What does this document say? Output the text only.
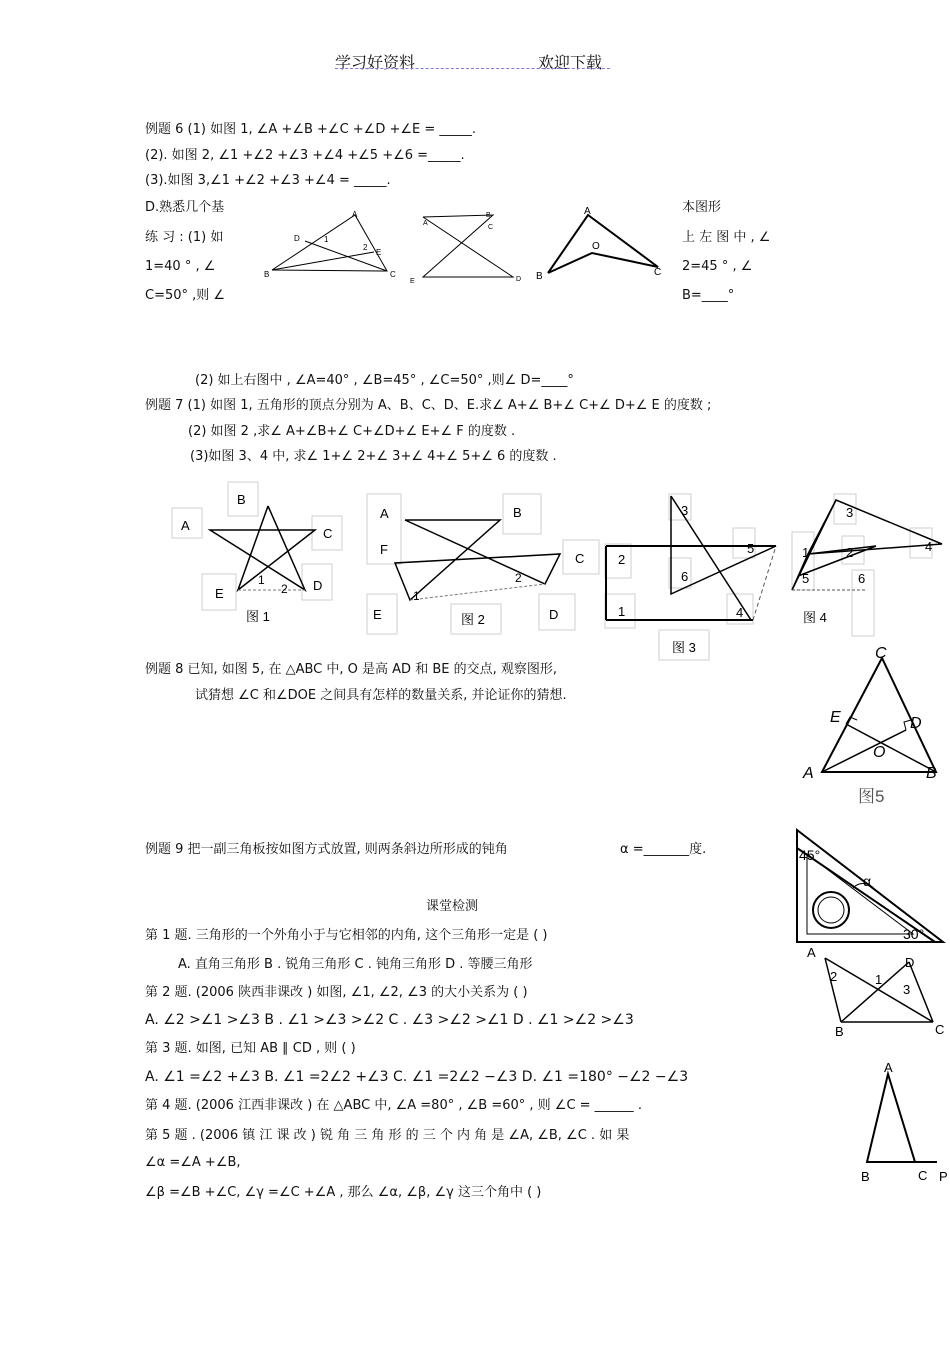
学习好资料	欢迎下载
例题 6 (1) 如图 1, ∠A +∠B +∠C +∠D +∠E = _____.
(2). 如图 2, ∠1 +∠2 +∠3 +∠4 +∠5 +∠6 =_____.
(3).如图 3,∠1 +∠2 +∠3 +∠4 = _____.
D.熟悉几个基	本图形
练 习 : (1) 如
1=40 ° , ∠
C=50° ,则 ∠
上 左 图 中 , ∠
2=45 ° , ∠
B=____°
A
B	C
D
E
1
2
A
B
D
E
C
A
O
B	C
(2) 如上右图中 , ∠A=40° , ∠B=45° , ∠C=50° ,则∠ D=____°
例题 7 (1) 如图 1, 五角形的顶点分别为 A、B、C、D、E.求∠ A+∠ B+∠ C+∠ D+∠ E 的度数 ;
(2) 如图 2 ,求∠ A+∠B+∠ C+∠D+∠ E+∠ F 的度数 .
(3)如图 3、4 中, 求∠ 1+∠ 2+∠ 3+∠ 4+∠ 5+∠ 6 的度数 .
A
B
C
D
E
1
2
图 1
A	B
C
D
E
F
1
2
图 2
2
1
3
4
5
6
图 3
1	2
3
4
5	6
图 4
例题 8 已知, 如图 5, 在 △ABC 中, O 是高 AD 和 BE 的交点, 观察图形,
试猜想 ∠C 和∠DOE 之间具有怎样的数量关系, 并论证你的猜想.
C
E	D
O
A	B
图5
例题 9 把一副三角板按如图方式放置, 则两条斜边所形成的钝角	α =_______度.	45°
α
30°
课堂检测
第 1 题. 三角形的一个外角小于与它相邻的内角, 这个三角形一定是 ( )
A. 直角三角形 B . 锐角三角形 C . 钝角三角形 D . 等腰三角形
第 2 题. (2006 陕西非课改 ) 如图, ∠1, ∠2, ∠3 的大小关系为 ( )
A. ∠2 >∠1 >∠3 B . ∠1 >∠3 >∠2 C . ∠3 >∠2 >∠1 D . ∠1 >∠2 >∠3
A
D
2	1
3
B	C
第 3 题. 如图, 已知 AB ∥ CD , 则 ( )
A. ∠1 =∠2 +∠3 B. ∠1 =2∠2 +∠3 C. ∠1 =2∠2 −∠3 D. ∠1 =180° −∠2 −∠3
第 4 题. (2006 江西非课改 ) 在 △ABC 中, ∠A =80° , ∠B =60° , 则 ∠C = ______ .
A
B	C P
第 5 题 . (2006 镇 江 课 改 ) 锐 角 三 角 形 的 三 个 内 角 是 ∠A, ∠B, ∠C . 如 果
∠α =∠A +∠B,
∠β =∠B +∠C, ∠γ =∠C +∠A , 那么 ∠α, ∠β, ∠γ 这三个角中 ( )
